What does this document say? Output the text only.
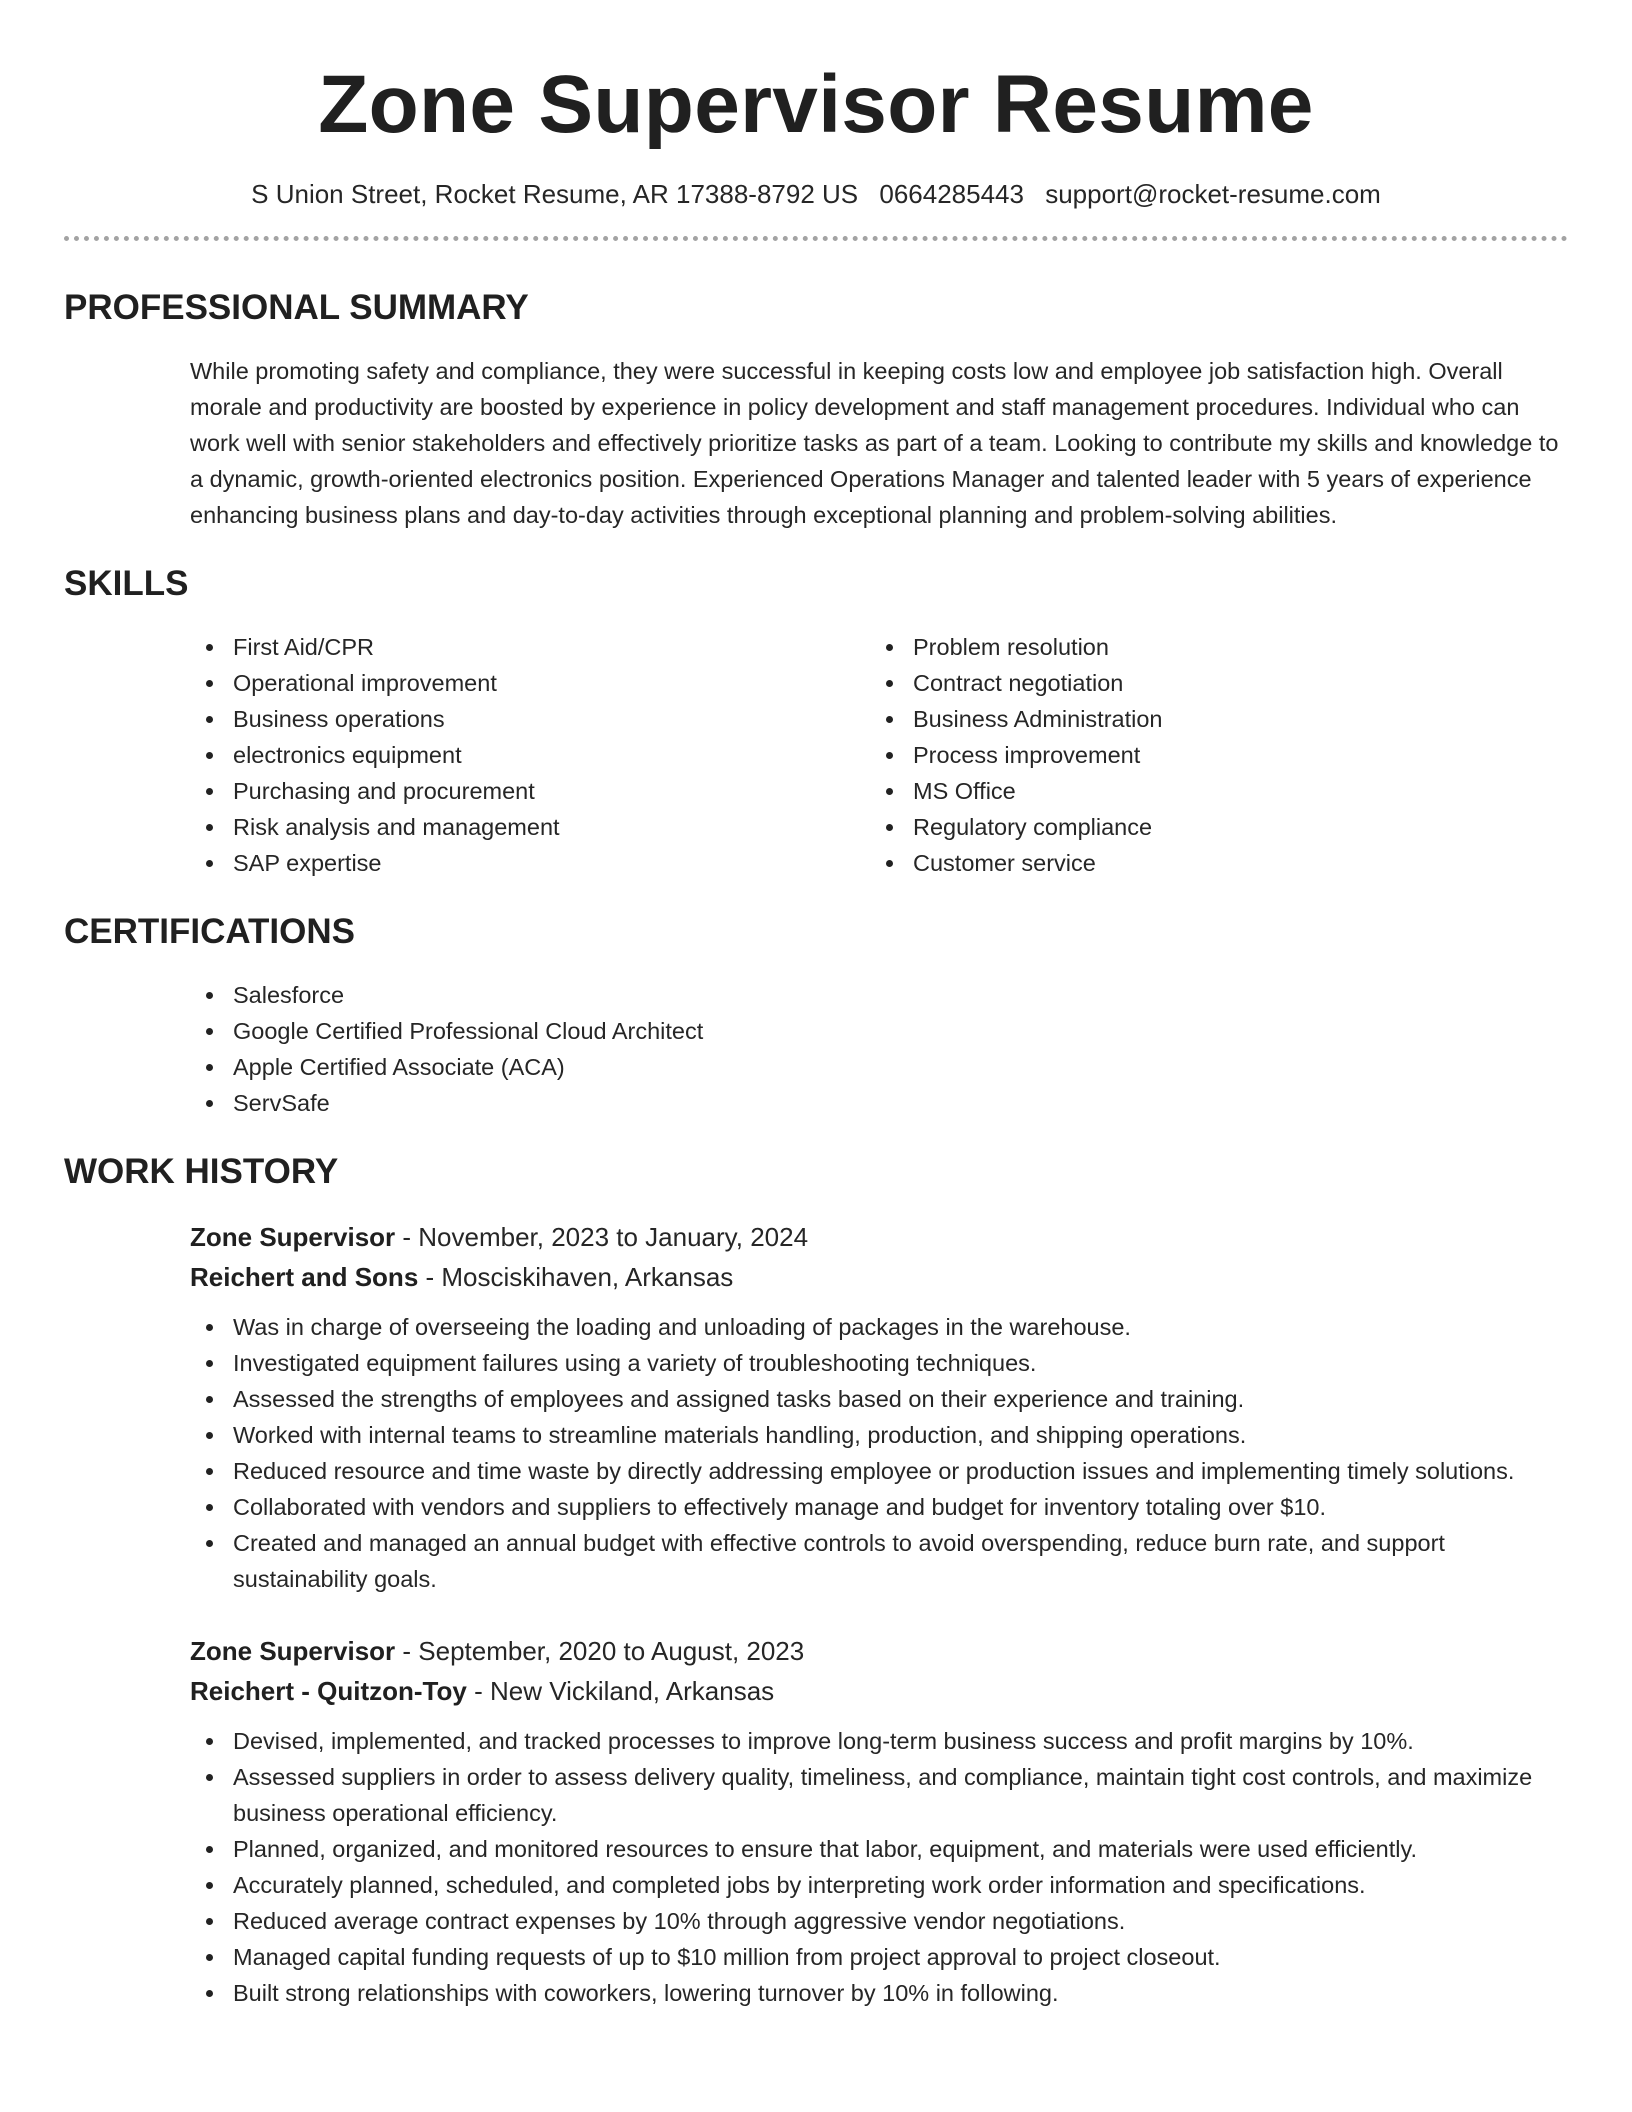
Zone Supervisor Resume
S Union Street, Rocket Resume, AR 17388-8792 US 0664285443 support@rocket-resume.com
PROFESSIONAL SUMMARY

While promoting safety and compliance, they were successful in keeping costs low and employee job satisfaction high. Overall morale and productivity are boosted by experience in policy development and staff management procedures. Individual who can work well with senior stakeholders and effectively prioritize tasks as part of a team. Looking to contribute my skills and knowledge to a dynamic, growth-oriented electronics position. Experienced Operations Manager and talented leader with 5 years of experience enhancing business plans and day-to-day activities through exceptional planning and problem-solving abilities.

SKILLS
First Aid/CPR
Operational improvement
Business operations
electronics equipment
Purchasing and procurement
Risk analysis and management
SAP expertise
Problem resolution
Contract negotiation
Business Administration
Process improvement
MS Office
Regulatory compliance
Customer service
CERTIFICATIONS
Salesforce
Google Certified Professional Cloud Architect
Apple Certified Associate (ACA)
ServSafe
WORK HISTORY
Zone Supervisor - November, 2023 to January, 2024
Reichert and Sons - Mosciskihaven, Arkansas
Was in charge of overseeing the loading and unloading of packages in the warehouse.
Investigated equipment failures using a variety of troubleshooting techniques.
Assessed the strengths of employees and assigned tasks based on their experience and training.
Worked with internal teams to streamline materials handling, production, and shipping operations.
Reduced resource and time waste by directly addressing employee or production issues and implementing timely solutions.
Collaborated with vendors and suppliers to effectively manage and budget for inventory totaling over $10.
Created and managed an annual budget with effective controls to avoid overspending, reduce burn rate, and support sustainability goals.
Zone Supervisor - September, 2020 to August, 2023
Reichert - Quitzon-Toy - New Vickiland, Arkansas
Devised, implemented, and tracked processes to improve long-term business success and profit margins by 10%.
Assessed suppliers in order to assess delivery quality, timeliness, and compliance, maintain tight cost controls, and maximize business operational efficiency.
Planned, organized, and monitored resources to ensure that labor, equipment, and materials were used efficiently.
Accurately planned, scheduled, and completed jobs by interpreting work order information and specifications.
Reduced average contract expenses by 10% through aggressive vendor negotiations.
Managed capital funding requests of up to $10 million from project approval to project closeout.
Built strong relationships with coworkers, lowering turnover by 10% in following.
